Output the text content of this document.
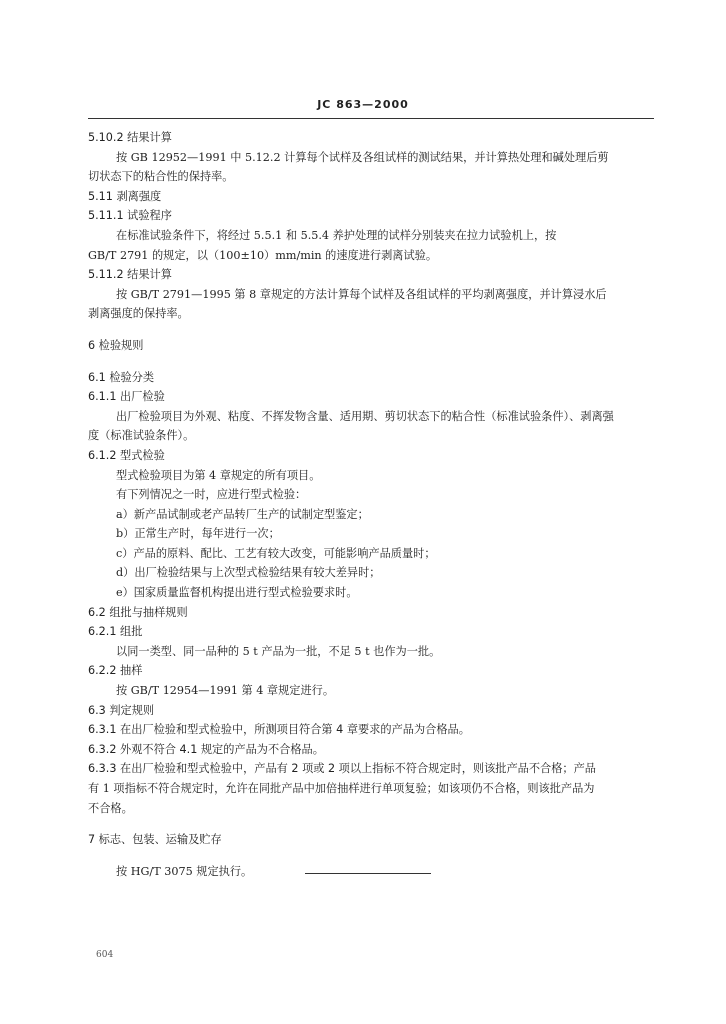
JC 863—2000
5.10.2 结果计算
按 GB 12952—1991 中 5.12.2 计算每个试样及各组试样的测试结果，并计算热处理和碱处理后剪
切状态下的粘合性的保持率。
5.11 剥离强度
5.11.1 试验程序
在标准试验条件下，将经过 5.5.1 和 5.5.4 养护处理的试样分别装夹在拉力试验机上，按
GB/T 2791 的规定，以（100±10）mm/min 的速度进行剥离试验。
5.11.2 结果计算
按 GB/T 2791—1995 第 8 章规定的方法计算每个试样及各组试样的平均剥离强度，并计算浸水后
剥离强度的保持率。
6 检验规则
6.1 检验分类
6.1.1 出厂检验
出厂检验项目为外观、粘度、不挥发物含量、适用期、剪切状态下的粘合性（标准试验条件）、剥离强
度（标准试验条件）。
6.1.2 型式检验
型式检验项目为第 4 章规定的所有项目。
有下列情况之一时，应进行型式检验：
a）新产品试制或老产品转厂生产的试制定型鉴定；
b）正常生产时，每年进行一次；
c）产品的原料、配比、工艺有较大改变，可能影响产品质量时；
d）出厂检验结果与上次型式检验结果有较大差异时；
e）国家质量监督机构提出进行型式检验要求时。
6.2 组批与抽样规则
6.2.1 组批
以同一类型、同一品种的 5 t 产品为一批，不足 5 t 也作为一批。
6.2.2 抽样
按 GB/T 12954—1991 第 4 章规定进行。
6.3 判定规则
6.3.1 在出厂检验和型式检验中，所测项目符合第 4 章要求的产品为合格品。
6.3.2 外观不符合 4.1 规定的产品为不合格品。
6.3.3 在出厂检验和型式检验中，产品有 2 项或 2 项以上指标不符合规定时，则该批产品不合格；产品
有 1 项指标不符合规定时，允许在同批产品中加倍抽样进行单项复验；如该项仍不合格，则该批产品为
不合格。
7 标志、包装、运输及贮存
按 HG/T 3075 规定执行。
604
